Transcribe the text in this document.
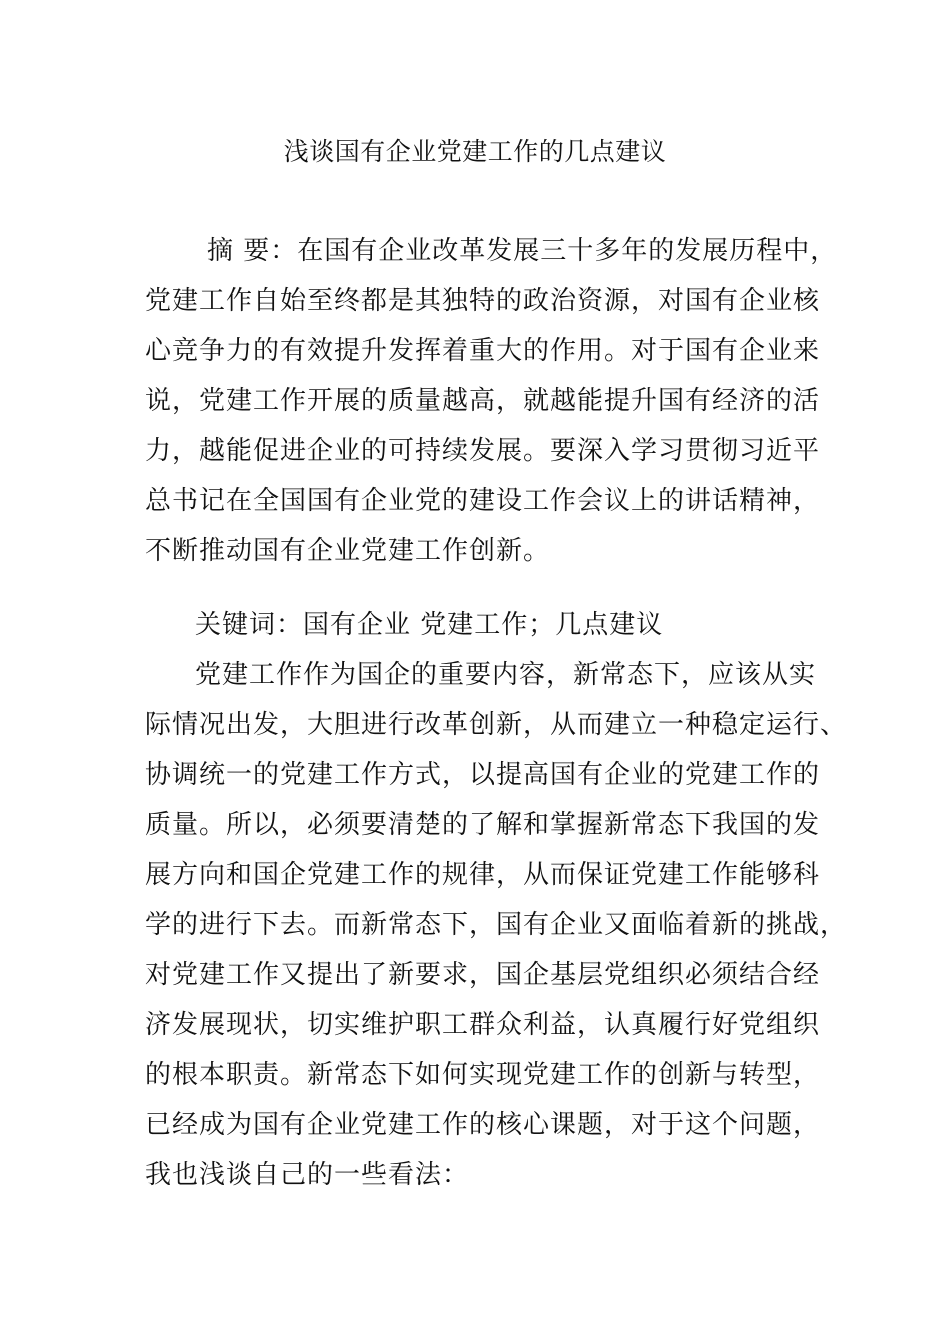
浅谈国有企业党建工作的几点建议
摘 要：在国有企业改革发展三十多年的发展历程中，
党建工作自始至终都是其独特的政治资源，对国有企业核
心竞争力的有效提升发挥着重大的作用。对于国有企业来
说，党建工作开展的质量越高，就越能提升国有经济的活
力，越能促进企业的可持续发展。要深入学习贯彻习近平
总书记在全国国有企业党的建设工作会议上的讲话精神，
不断推动国有企业党建工作创新。
关键词：国有企业 党建工作；几点建议
党建工作作为国企的重要内容，新常态下，应该从实
际情况出发，大胆进行改革创新，从而建立一种稳定运行、
协调统一的党建工作方式，以提高国有企业的党建工作的
质量。所以，必须要清楚的了解和掌握新常态下我国的发
展方向和国企党建工作的规律，从而保证党建工作能够科
学的进行下去。而新常态下，国有企业又面临着新的挑战，
对党建工作又提出了新要求，国企基层党组织必须结合经
济发展现状，切实维护职工群众利益，认真履行好党组织
的根本职责。新常态下如何实现党建工作的创新与转型，
已经成为国有企业党建工作的核心课题，对于这个问题，
我也浅谈自己的一些看法：
